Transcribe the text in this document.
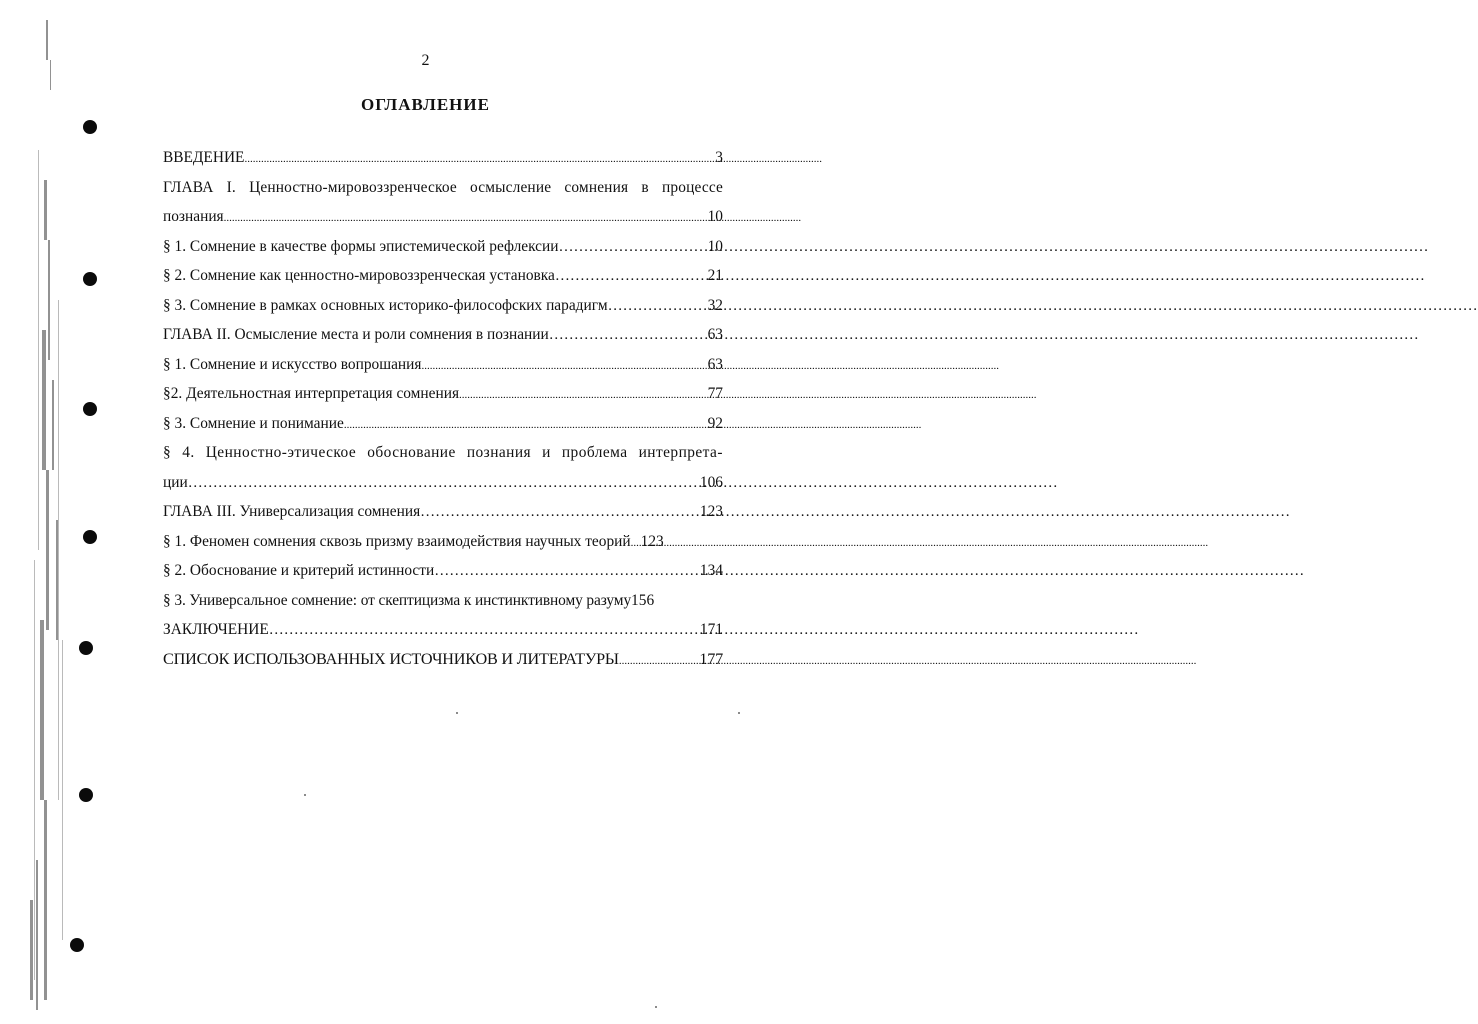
2
ОГЛАВЛЕНИЕ
ВВЕДЕНИЕ .....	3
ГЛАВА I. Ценностно-мировоззренческое осмысление сомнения в процессе
познания .....	10
§ 1. Сомнение в качестве формы эпистемической рефлексии …………………………………………………………………………………………………………………………………………………………	10
§ 2. Сомнение как ценностно-мировоззренческая установка …………………………………………………………………………………………………………………………………………………………	21
§ 3. Сомнение в рамках основных историко-философских парадигм …………………………………………………………………………………………………………………………………………………………	32
ГЛАВА II. Осмысление места и роли сомнения в познании …………………………………………………………………………………………………………………………………………………………	63
§ 1. Сомнение и искусство вопрошания .....	63
§2. Деятельностная интерпретация сомнения .....	77
§ 3. Сомнение и понимание .....	92
§ 4. Ценностно-этическое обоснование познания и проблема интерпрета-
ции …………………………………………………………………………………………………………………………………………………………	106
ГЛАВА III. Универсализация сомнения …………………………………………………………………………………………………………………………………………………………	123
§ 1. Феномен сомнения сквозь призму взаимодействия научных теорий ..... 123
§ 2. Обоснование и критерий истинности …………………………………………………………………………………………………………………………………………………………	134
§ 3. Универсальное сомнение: от скептицизма к инстинктивному разуму 156
ЗАКЛЮЧЕНИЕ …………………………………………………………………………………………………………………………………………………………	171
СПИСОК ИСПОЛЬЗОВАННЫХ ИСТОЧНИКОВ И ЛИТЕРАТУРЫ .....	177
